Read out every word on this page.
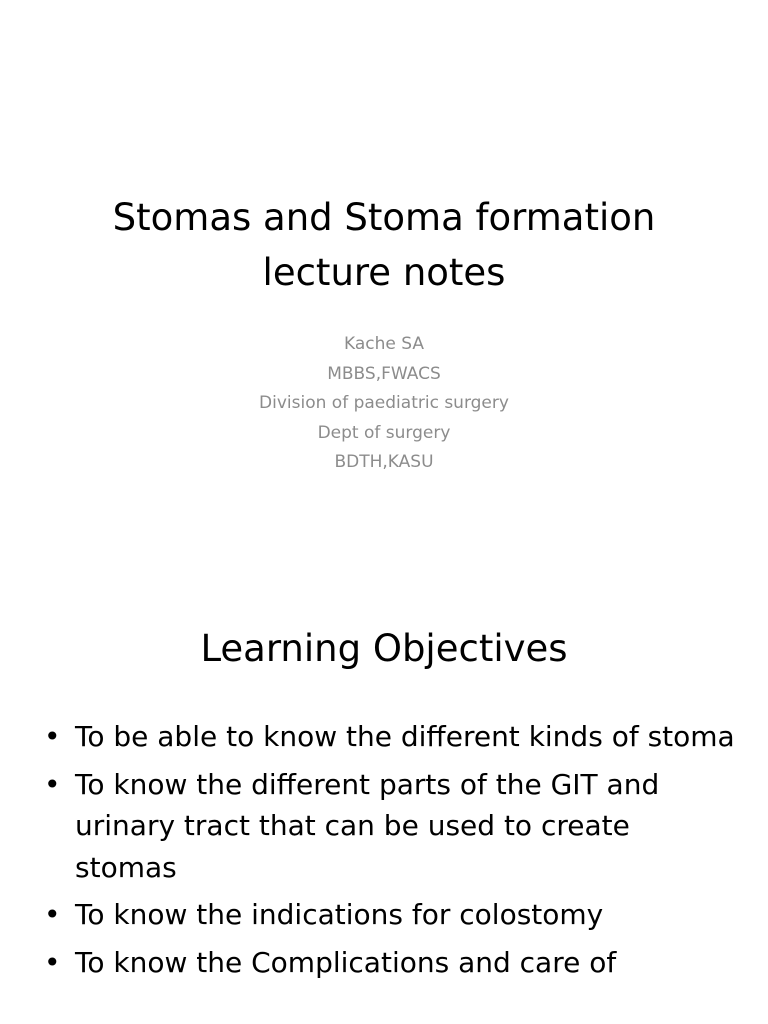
Stomas and Stoma formation
lecture notes
Kache SA
MBBS,FWACS
Division of paediatric surgery
Dept of surgery
BDTH,KASU
Learning Objectives
• To be able to know the different kinds of stoma
• To know the different parts of the GIT and urinary tract that can be used to create stomas
• To know the indications for colostomy
• To know the Complications and care of
